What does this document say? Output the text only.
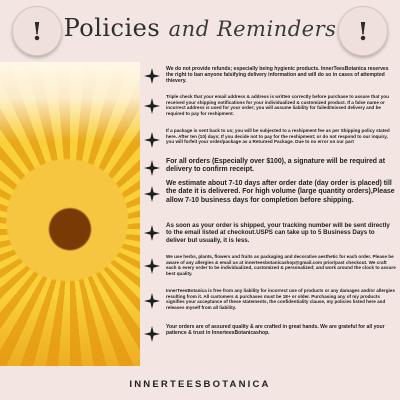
! Policies and Reminders !

We do not provide refunds; especially being hygienic products. InnerTeesBotanica reserves the right to ban anyone falsifying delivery information and will do so in cases of attempted thievery.

Triple check that your email address & address is written correctly before purchase to assure that you received your shipping notifications for your individualized & customized product. If a false name or incorrect address is used for your order; you will assume liability for failed/missed delivery and be required to pay for reshipment.

If a package is sent back to us; you will be subjected to a reshipment fee as per Shipping policy stated here. After ten (10) days; If you decide not to pay for the reshipment; or do not respond to our inquiry, you will forfeit your order/package as a Returned Package. Due to no error on our part

For all orders (Especially over $100), a signature will be required at delivery to confirm receipt.

We estimate about 7-10 days after order date (day order is placed) till the date it is delivered. For high volume (large quantity orders),Please allow 7-10 business days for completion before shipping.

As soon as your order is shipped, your tracking number will be sent directly to the email listed at checkout.USPS can take up to 5 Business Days to deliver but usually, it is less.

We use herbs, plants, flowers and fruits as packaging and decorative aesthetic for each order. Please be aware of any allergies & email us at innerteesbotanicashop@gmail.com prior/past checkout. We craft each & every order to be individualized, customized & personalized; and work around the clock to assure best quality.

InnerTeesBotanica is free from any liability for incorrect use of products or any damages and/or allergies resulting from it. All customers & purchases must be 18+ or older. Purchasing any of my products signifies your acceptance of these statements, the confidentiality clause, my policies listed here and releases myself from all liability.

Your orders are of assured quality & are crafted in great hands. We are grateful for all your patience & trust in InnerteesBotanicashop.

INNERTEESBOTANICA
